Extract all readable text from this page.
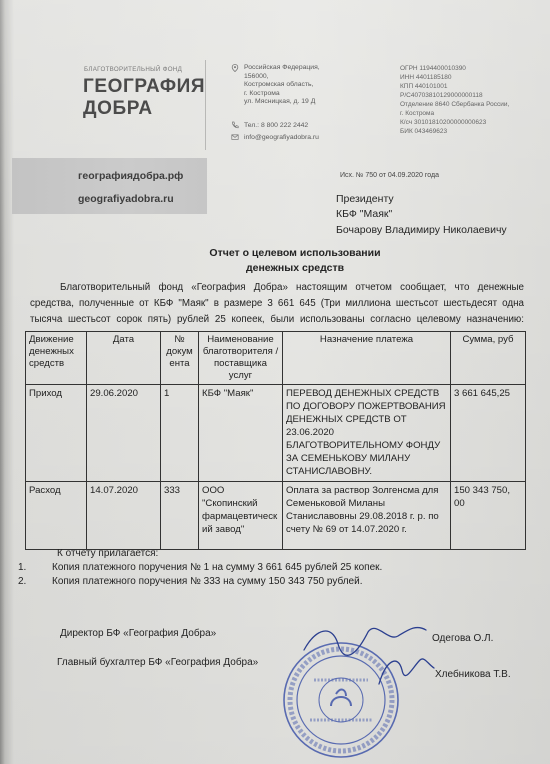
БЛАГОТВОРИТЕЛЬНЫЙ ФОНД
ГЕОГРАФИЯ
ДОБРА
Российская Федерация,
156000,
Костромская область,
г. Кострома
ул. Мясницкая, д. 19 Д
Тел.: 8 800 222 2442
info@geografiyadobra.ru
ОГРН 1194400010390
ИНН 4401185180
КПП 440101001
Р/С40703810129000000118
Отделение 8640 Сбербанка России,
г. Кострома
К/сч 30101810200000000623
БИК 043469623
географиядобра.рф
geografiyadobra.ru
Исх. № 750 от 04.09.2020 года
Президенту
КБФ "Маяк"
Бочарову Владимиру Николаевичу
Отчет о целевом использовании
денежных средств
Благотворительный фонд «География Добра» настоящим отчетом сообщает, что денежные
средства, полученные от КБФ "Маяк" в размере 3 661 645 (Три миллиона шестьсот шестьдесят одна
тысяча шестьсот сорок пять) рублей 25 копеек, были использованы согласно целевому назначению:
Движение денежных средств	Дата	№ документа	Наименование благотворителя /поставщика услуг	Назначение платежа	Сумма, руб
Приход	29.06.2020	1	КБФ "Маяк"	ПЕРЕВОД ДЕНЕЖНЫХ СРЕДСТВ ПО ДОГОВОРУ ПОЖЕРТВОВАНИЯ ДЕНЕЖНЫХ СРЕДСТВ ОТ 23.06.2020 БЛАГОТВОРИТЕЛЬНОМУ ФОНДУ ЗА СЕМЕНЬКОВУ МИЛАНУ СТАНИСЛАВОВНУ.	3 661 645,25

Расход	14.07.2020	333	ООО "Скопинский фармацевтический завод"	Оплата за раствор Золгенсма для Семеньковой Миланы Станиславовны 29.08.2018 г. р. по счету № 69 от 14.07.2020 г.	150 343 750, 00
К отчету прилагается:
1.	Копия платежного поручения № 1 на сумму 3 661 645 рублей 25 копек.
2.	Копия платежного поручения № 333 на сумму 150 343 750 рублей.
Директор БФ «География Добра»	Одегова О.Л.
Главный бухгалтер БФ «География Добра»
Хлебникова Т.В.
